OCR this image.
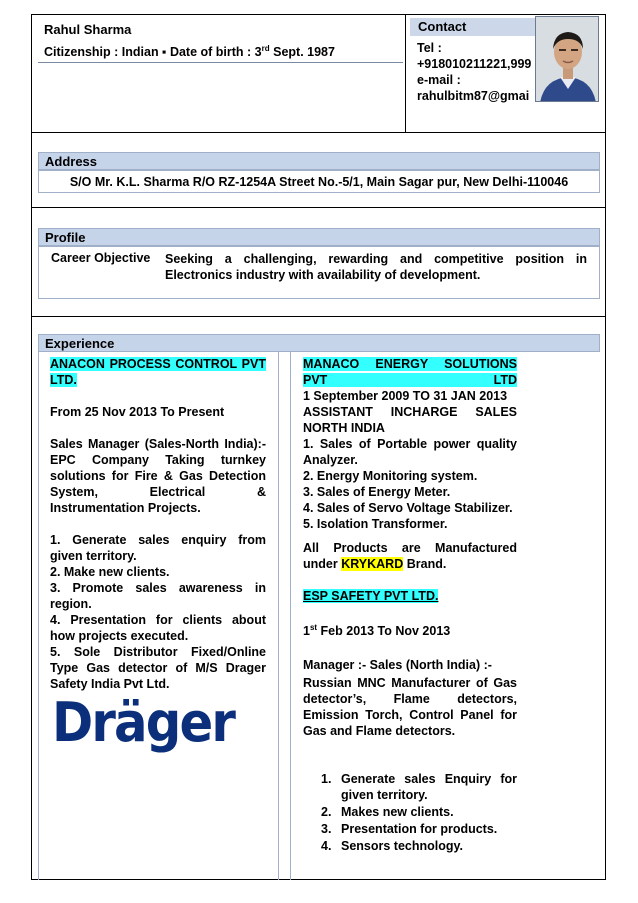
Rahul Sharma
Citizenship : Indian ▪ Date of birth : 3rd Sept. 1987
Contact
Tel :
+918010211221,999
e-mail :
rahulbitm87@gmai
Address
S/O Mr. K.L. Sharma R/O RZ-1254A Street No.-5/1, Main Sagar pur, New Delhi-110046
Profile
Career Objective Seeking a challenging, rewarding and competitive position in Electronics industry with availability of development.
Experience
ANACON PROCESS CONTROL PVT LTD.
From 25 Nov 2013 To Present
Sales Manager (Sales-North India):- EPC Company Taking turnkey solutions for Fire & Gas Detection System, Electrical & Instrumentation Projects.
1. Generate sales enquiry from given territory.
2. Make new clients.
3. Promote sales awareness in region.
4. Presentation for clients about how projects executed.
5. Sole Distributor Fixed/Online Type Gas detector of M/S Drager Safety India Pvt Ltd.
Dräger
MANACO ENERGY SOLUTIONS PVT LTD
1 September 2009 TO 31 JAN 2013
ASSISTANT INCHARGE SALES NORTH INDIA
1. Sales of Portable power quality Analyzer.
2. Energy Monitoring system.
3. Sales of Energy Meter.
4. Sales of Servo Voltage Stabilizer.
5. Isolation Transformer.
All Products are Manufactured under KRYKARD Brand.
ESP SAFETY PVT LTD.
1st Feb 2013 To Nov 2013
Manager :- Sales (North India) :-
Russian MNC Manufacturer of Gas detector’s, Flame detectors, Emission Torch, Control Panel for Gas and Flame detectors.
1. Generate sales Enquiry for given territory.
2. Makes new clients.
3. Presentation for products.
4. Sensors technology.
